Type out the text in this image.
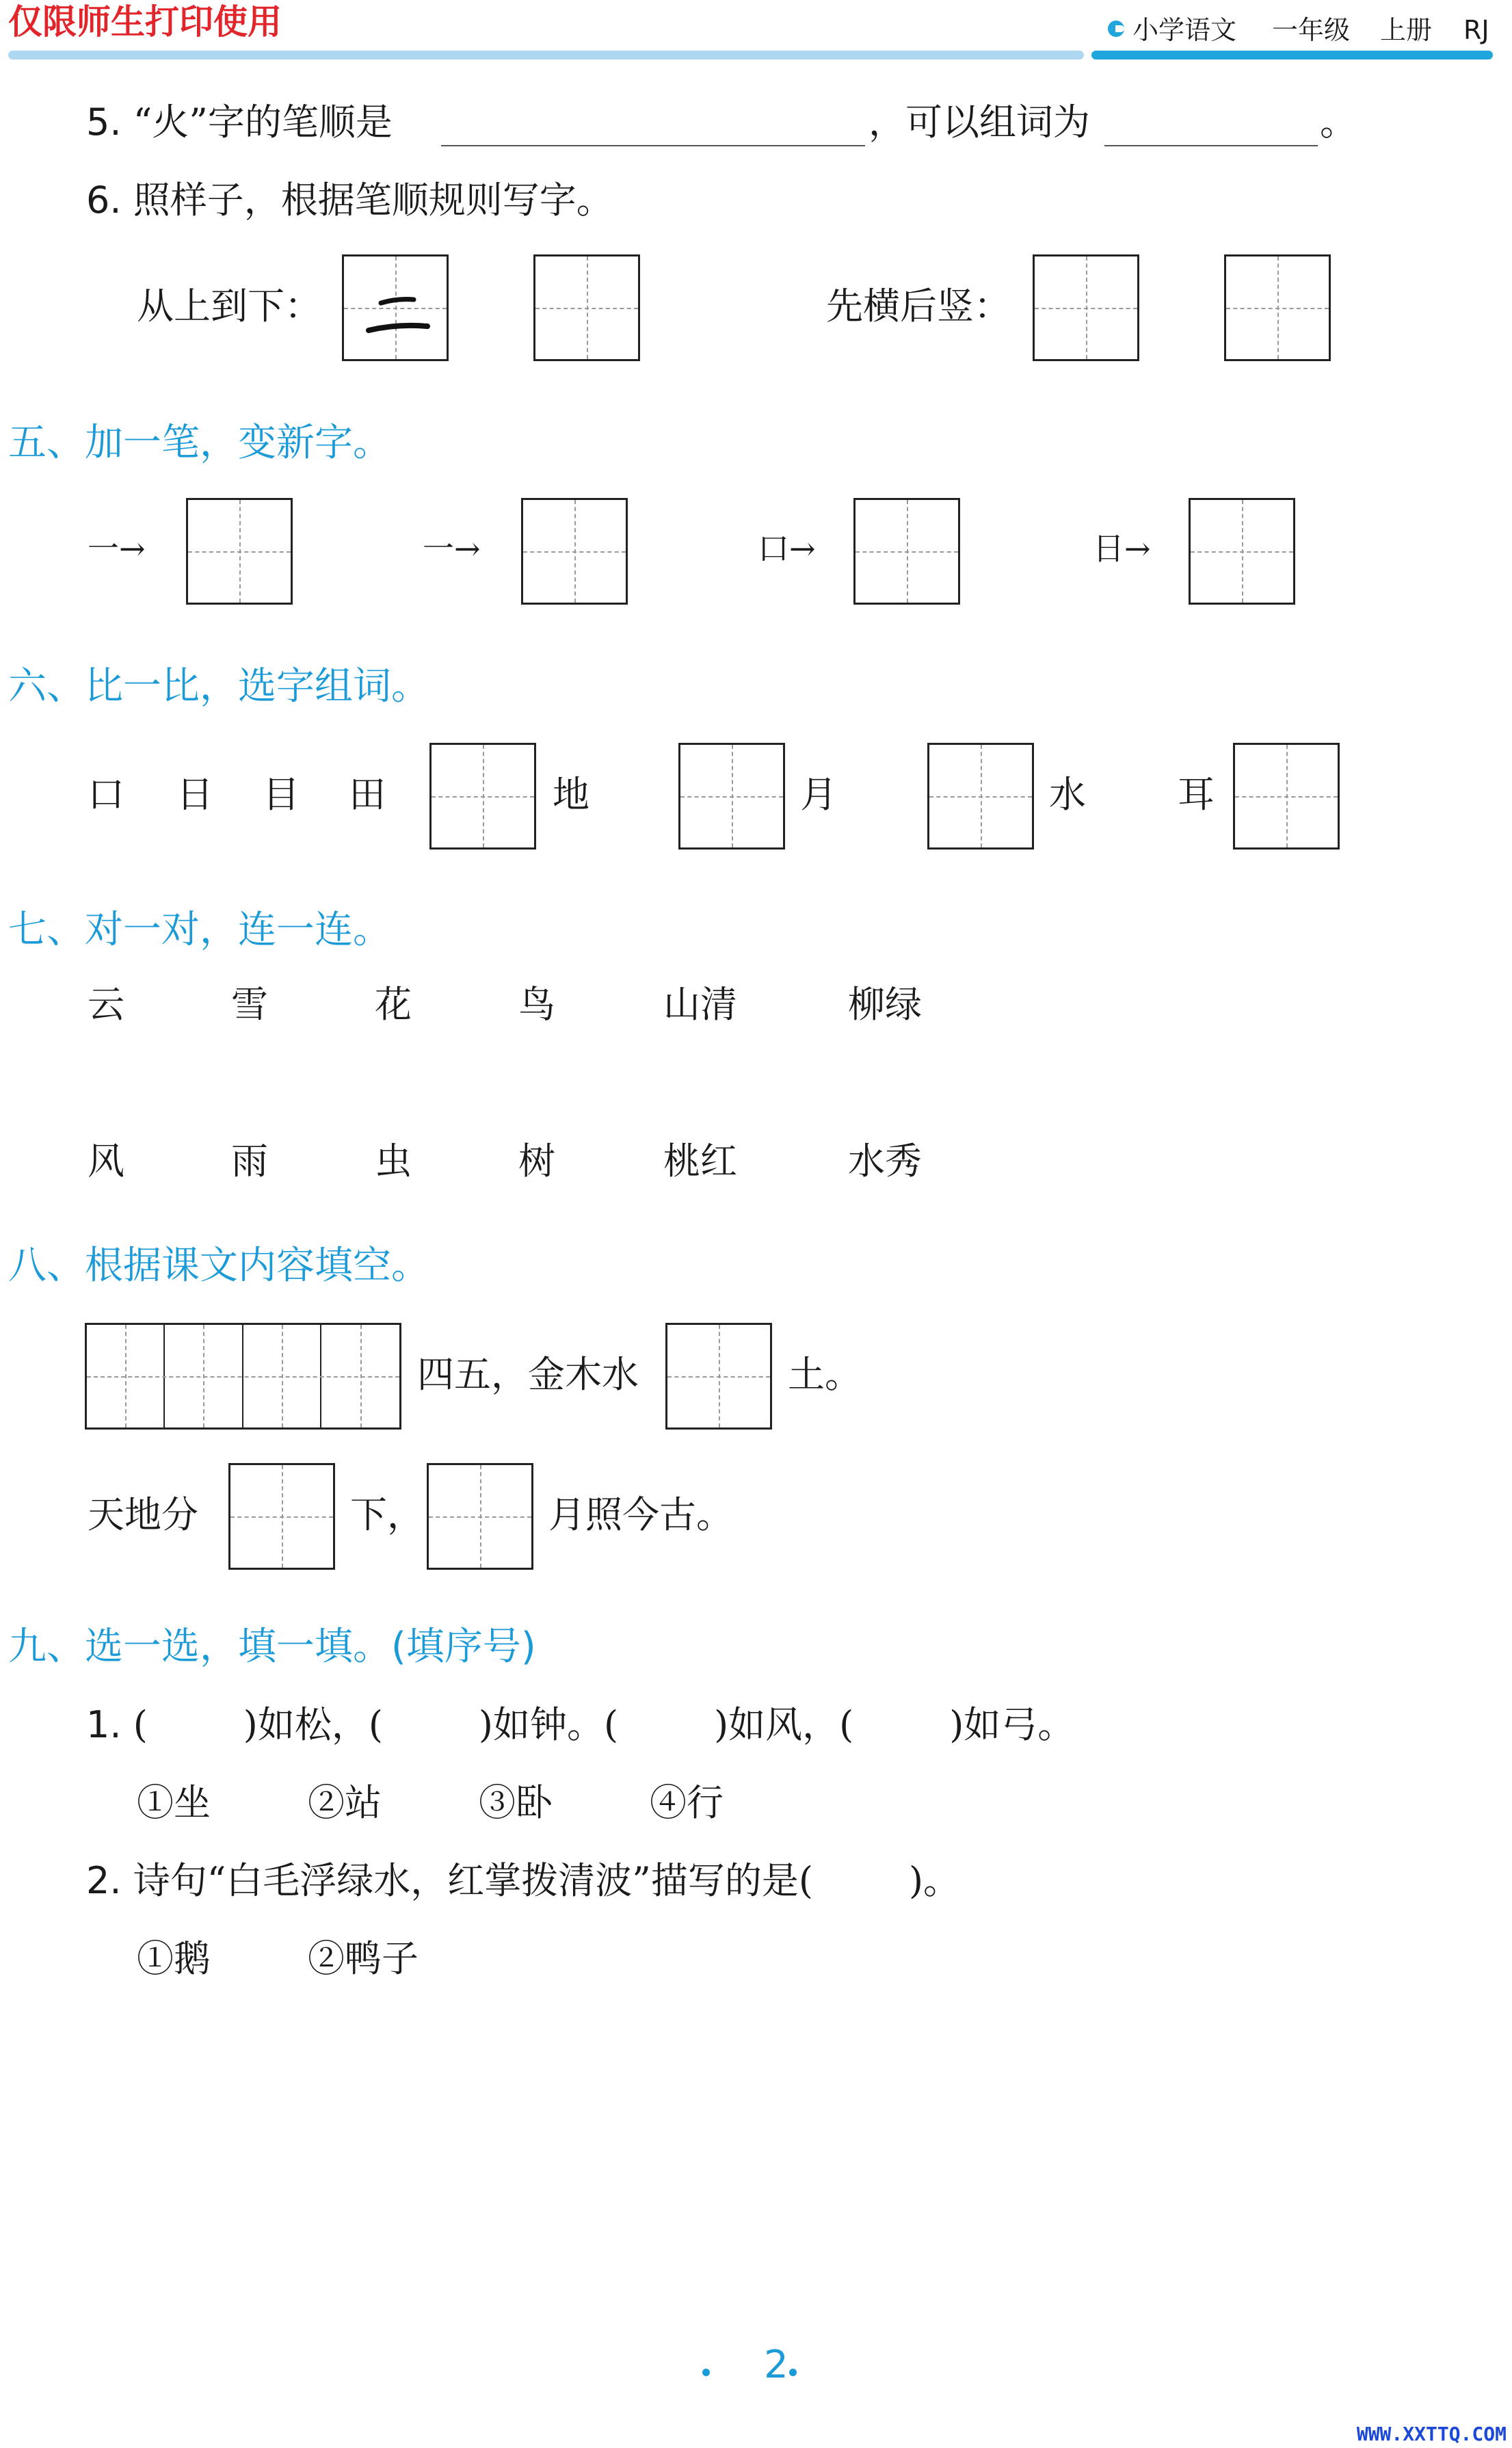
仅限师生打印使用	小学语文 一年级 上册 RJ
5. “火”字的笔顺是	，可以组词为	。
6. 照样子，根据笔顺规则写字。
从上到下：	先横后竖：
五、加一笔，变新字。
一→	一→	口→	日→
六、比一比，选字组词。
口 日 目 田	地	月	水 耳
七、对一对，连一连。
云	雪	花	鸟	山清	柳绿
风	雨	虫	树	桃红	水秀
八、根据课文内容填空。
四五，金木水	土。
天地分	下，	月照今古。
九、选一选，填一填。(填序号)
1. (	)如松，(	)如钟。(	)如风，(	)如弓。
①坐	②站	③卧	④行
2. 诗句“白毛浮绿水，红掌拨清波”描写的是(	)。
①鹅	②鸭子
2
WWW.XXTTQ.COM
